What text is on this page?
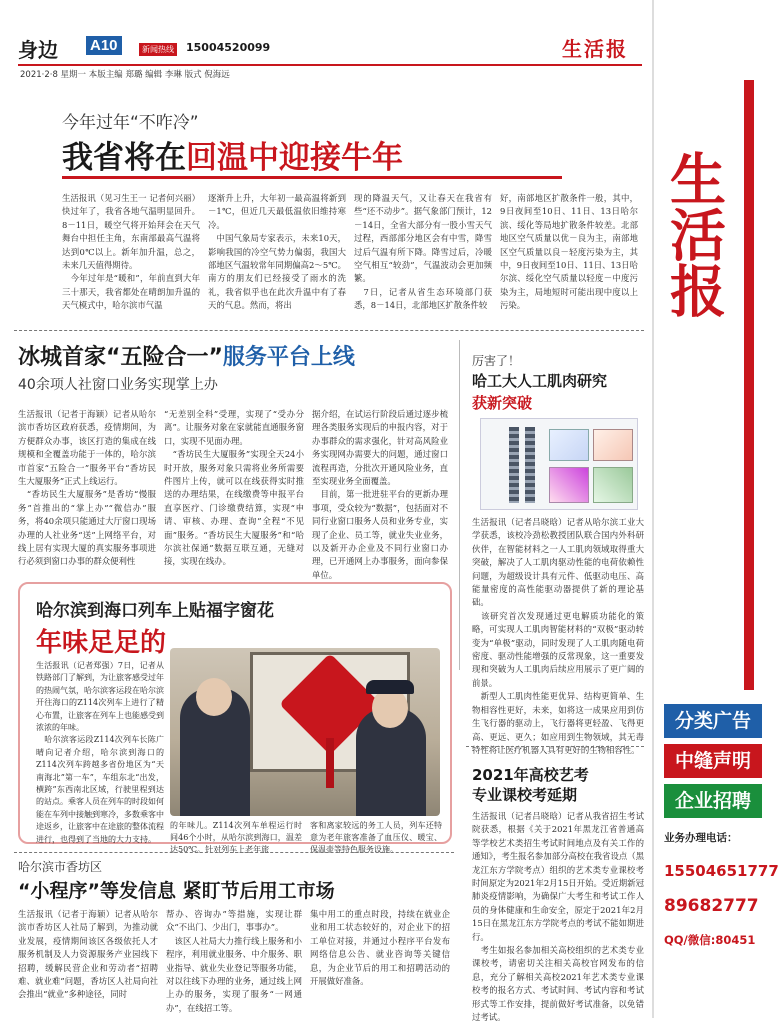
身边 A10	新闻热线 15004520099	生活报
2021·2·8 星期一 本版主编 郑璐 编辑 李琳 版式 倪海远
今年过年“不咋冷”
我省将在回温中迎接牛年
生活报讯（见习生王一 记者何兴丽）快过年了，我省各地气温明显回升。8－11日，暖空气将开始拜会在天气舞台中担任主角，东南部最高气温将达到0℃以上。新年加升温，总之，未来几天值得期待。
　今年过年是“暖和”，年前直到大年三十那天，我省都处在晴朗加升温的天气模式中，哈尔滨市气温
逐渐升上升，大年初一最高温将新到－1℃，但近几天最低温依旧维持寒冷。
　中国气象局专家表示，未来10天，影响我国的冷空气势力偏弱，我国大部地区气温较常年同期偏高2～5℃。南方的朋友们已经接受了雨水的洗礼，我省似乎也在此次升温中有了春天的气息。然而，将出
现的降温天气，又让春天在我省有些“还不动步”。据气象部门预计，12－14日，全省大部分有一股小雪天气过程，西部部分地区会有中雪，降雪过后气温有所下降。降雪过后，冷暖空气相互“较劲”，气温波动会更加频繁。
　7日，记者从省生态环境部门获悉，8－14日，北部地区扩散条件较
好，南部地区扩散条件一般，其中，9日夜间至10日、11日、13日哈尔滨、绥化等局地扩散条件较差。北部地区空气质量以优－良为主，南部地区空气质量以良－轻度污染为主，其中，9日夜间至10日、11日、13日哈尔滨、绥化空气质量以轻度－中度污染为主，局地短时可能出现中度以上污染。
冰城首家“五险合一”服务平台上线
40余项人社窗口业务实现掌上办
生活报讯（记者于海颖）记者从哈尔滨市香坊区政府获悉，疫情期间，为方便群众办事，该区打造的集成在线规模和全覆盖功能于一体的，哈尔滨市首家“五险合一”服务平台“香坊民生大厦服务”正式上线运行。
　“香坊民生大厦服务”是香坊“慢服务”首推出的“掌上办”“微信办”服务，将40余项只能通过大厅窗口现场办理的人社业务“送”上网络平台，对线上居有实现大厦的真实服务事项进行必须到窗口办事的群众便利性
“无差别全科”受理，实现了“受办分离”。让服务对象在家就能直通服务窗口，实现不见面办理。
　“香坊民生大厦服务”实现全天24小时开放，服务对象只需将业务所需要件图片上传，就可以在线获得实时推送的办理结果，在线缴费等申报平台直享医疗、门诊缴费结算，实现“申请、审核、办理、查询”全程“不见面”服务。“香坊民生大厦服务”和“哈尔滨社保通”数据互联互通，无缝对接，实现在线办。
据介绍，在试运行阶段后通过逐步梳理各类服务实现后的申报内容，对于办事群众的需求强化，针对高风险业务实现网办需要大的问题，通过窗口流程再造，分批次开通风险业务，直至实现业务全面覆盖。
　目前，第一批进驻平台的更新办理事项，受众较为“数据”，包括面对不同行业窗口服务人员和业务专业，实现了企业、员工等，就业失业业务，以及新开办企业及不同行业窗口办理，已开通网上办事服务，面向参保单位。
哈尔滨到海口列车上贴福字窗花
年味足足的
生活报讯（记者郑强）7日，记者从铁路部门了解到，为让旅客感受过年的热闹气氛，哈尔滨客运段在哈尔滨开往海口的Z114次列车上进行了精心布置，让旅客在列车上也能感受到浓浓的年味。
　哈尔滨客运段Z114次列车长陈广晴向记者介绍，哈尔滨到海口的Z114次列车跨越多省份地区为“天南海北”第一车”，车组东北“出发，横跨”东西南北区域，行驶里程到达的站点。乘客人员在列车的时段如何能在车列中接触到寒冷，多数乘客中途返乡，让旅客中在途旅的整体流程进行，也得到了当地的大力支持。
的年味儿。Z114次列车单程运行时间46个小时，从哈尔滨到海口，温差达50℃。针对列车上老年旅
客和离家较远的务工人员，列车还特意为老年旅客准备了血压仪、暖宝、保温壶等特色服务设施。
哈尔滨市香坊区
“小程序”等发信息 紧盯节后用工市场
生活报讯（记者于海颖）记者从哈尔滨市香坊区人社局了解到，为推动就业发展，疫情期间该区各级依托人才服务机制及人力资源服务产业园线下招聘，缓解民营企业和劳动者“招聘难、就业难”问题，香坊区人社局向社会推出“就业”多种途径，同时
帮办、咨询办”等措施，实现让群众“不出门、少出门，事事办”。
　该区人社局大力推行线上服务和小程序，利用就业服务、中介服务、职业指导、就业失业登记等服务功能，对以往线下办理的业务，通过线上网上办的服务，实现了服务“一网通办”，在线招工等。
集中用工的重点时段，持续在就业企业和用工状态较好的，对企业下的招工单位对接，并通过小程序平台发布网络信息公告、就业咨询等关键信息，为企业节后的用工和招聘活动的开展做好准备。
厉害了！
哈工大人工肌肉研究
获新突破
生活报讯（记者吕晓晗）记者从哈尔滨工业大学获悉，该校冷劲松教授团队联合国内外科研伙伴，在智能材料之一人工肌肉领域取得重大突破，解决了人工肌肉驱动性能的电荷依赖性问题，为超级设计具有元件、低驱动电压、高能量密度的高性能驱动器提供了新的理论基础。
　该研究首次发现通过更电解质功能化的策略，可实现人工肌肉智能材料的“双极”驱动转变为“单极”驱动，同时发现了人工肌肉随电荷密度、驱动性能增强的反常现象，这一重要发现和突破为人工肌肉后续应用展示了更广阔的前景。
　新型人工肌肉性能更优异、结构更简单、生物相容性更好，未来，如将这一成果应用到仿生飞行器的驱动上，飞行器将更轻盈、飞得更高、更远、更久；如应用到生物领域，其无毒特性将让医疗机器人具有更好的生物相容性。
2021年高校艺考
专业课校考延期
生活报讯（记者吕晓晗）记者从我省招生考试院获悉，根据《关于2021年黑龙江省普通高等学校艺术类招生考试时间地点及有关工作的通知》，考生报名参加部分高校在我省设点（黑龙江东方学院考点）组织的艺术类专业课校考时间原定为2021年2月15日开始。受近期新冠肺炎疫情影响，为确保广大考生和考试工作人员的身体健康和生命安全，原定于2021年2月15日在黑龙江东方学院考点的考试不能如期进行。
　考生如报名参加相关高校组织的艺术类专业课校考，请密切关注相关高校官网发布的信息，充分了解相关高校2021年艺术类专业课校考的报名方式、考试时间、考试内容和考试形式等工作安排，提前做好考试准备，以免错过考试。
生活报
分类广告
中缝声明
企业招聘
业务办理电话：
15504651777
89682777
QQ/微信:80451
